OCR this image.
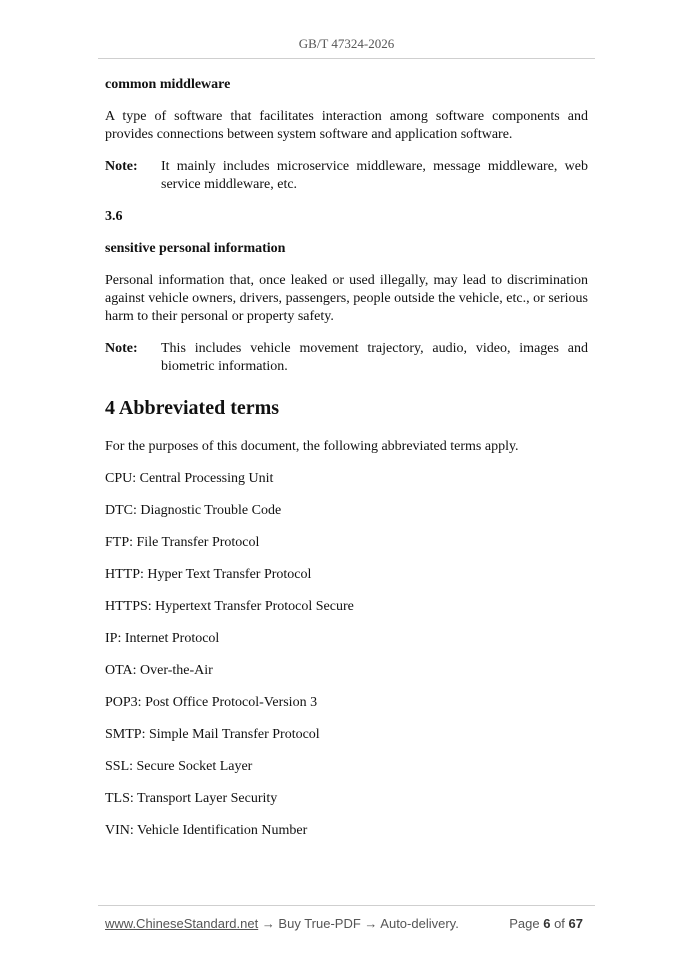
GB/T 47324-2026
common middleware

A type of software that facilitates interaction among software components and provides connections between system software and application software.

Note:	It mainly includes microservice middleware, message middleware, web service middleware, etc.
3.6
sensitive personal information

Personal information that, once leaked or used illegally, may lead to discrimination against vehicle owners, drivers, passengers, people outside the vehicle, etc., or serious harm to their personal or property safety.

Note:	This includes vehicle movement trajectory, audio, video, images and biometric information.
4 Abbreviated terms

For the purposes of this document, the following abbreviated terms apply.

CPU: Central Processing Unit
DTC: Diagnostic Trouble Code
FTP: File Transfer Protocol
HTTP: Hyper Text Transfer Protocol
HTTPS: Hypertext Transfer Protocol Secure
IP: Internet Protocol
OTA: Over-the-Air
POP3: Post Office Protocol-Version 3
SMTP: Simple Mail Transfer Protocol
SSL: Secure Socket Layer
TLS: Transport Layer Security
VIN: Vehicle Identification Number
www.ChineseStandard.net → Buy True-PDF → Auto-delivery.	Page 6 of 67
